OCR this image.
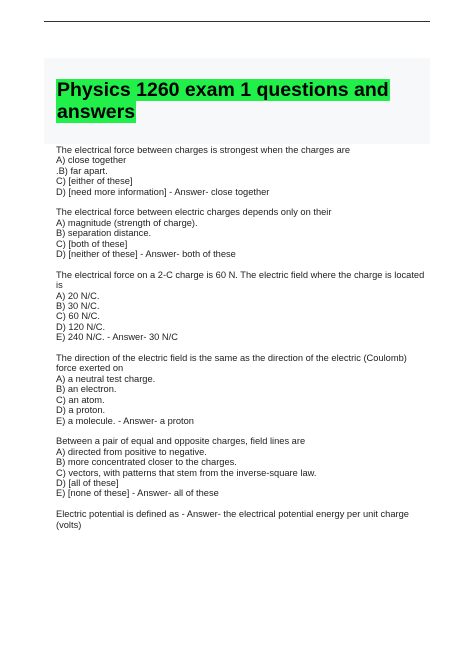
Physics 1260 exam 1 questions and answers
The electrical force between charges is strongest when the charges are
A) close together
.B) far apart.
C) [either of these]
D) [need more information] - Answer- close together
The electrical force between electric charges depends only on their
A) magnitude (strength of charge).
B) separation distance.
C) [both of these]
D) [neither of these] - Answer- both of these
The electrical force on a 2-C charge is 60 N. The electric field where the charge is located is
A) 20 N/C.
B) 30 N/C.
C) 60 N/C.
D) 120 N/C.
E) 240 N/C. - Answer- 30 N/C
The direction of the electric field is the same as the direction of the electric (Coulomb) force exerted on
A) a neutral test charge.
B) an electron.
C) an atom.
D) a proton.
E) a molecule. - Answer- a proton
Between a pair of equal and opposite charges, field lines are
A) directed from positive to negative.
B) more concentrated closer to the charges.
C) vectors, with patterns that stem from the inverse-square law.
D) [all of these]
E) [none of these] - Answer- all of these
Electric potential is defined as - Answer- the electrical potential energy per unit charge (volts)
